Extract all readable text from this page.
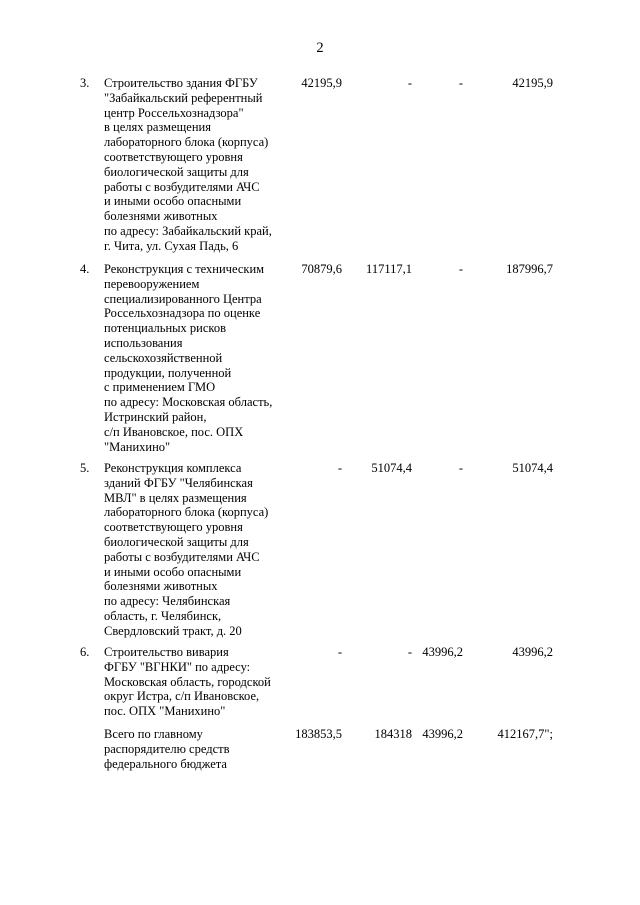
2
3. Строительство здания ФГБУ
"Забайкальский референтный
центр Россельхознадзора"
в целях размещения
лабораторного блока (корпуса)
соответствующего уровня
биологической защиты для
работы с возбудителями АЧС
и иными особо опасными
болезнями животных
по адресу: Забайкальский край,
г. Чита, ул. Сухая Падь, 6
42195,9	-	-	42195,9
4. Реконструкция с техническим
перевооружением
специализированного Центра
Россельхознадзора по оценке
потенциальных рисков
использования
сельскохозяйственной
продукции, полученной
с применением ГМО
по адресу: Московская область,
Истринский район,
с/п Ивановское, пос. ОПХ
"Манихино"
70879,6 117117,1	-	187996,7
5. Реконструкция комплекса
зданий ФГБУ "Челябинская
МВЛ" в целях размещения
лабораторного блока (корпуса)
соответствующего уровня
биологической защиты для
работы с возбудителями АЧС
и иными особо опасными
болезнями животных
по адресу: Челябинская
область, г. Челябинск,
Свердловский тракт, д. 20
- 51074,4	-	51074,4
6. Строительство вивария
ФГБУ "ВГНКИ" по адресу:
Московская область, городской
округ Истра, с/п Ивановское,
пос. ОПХ "Манихино"
-	- 43996,2	43996,2
Всего по главному
распорядителю средств
федерального бюджета
183853,5	184318 43996,2	412167,7";
